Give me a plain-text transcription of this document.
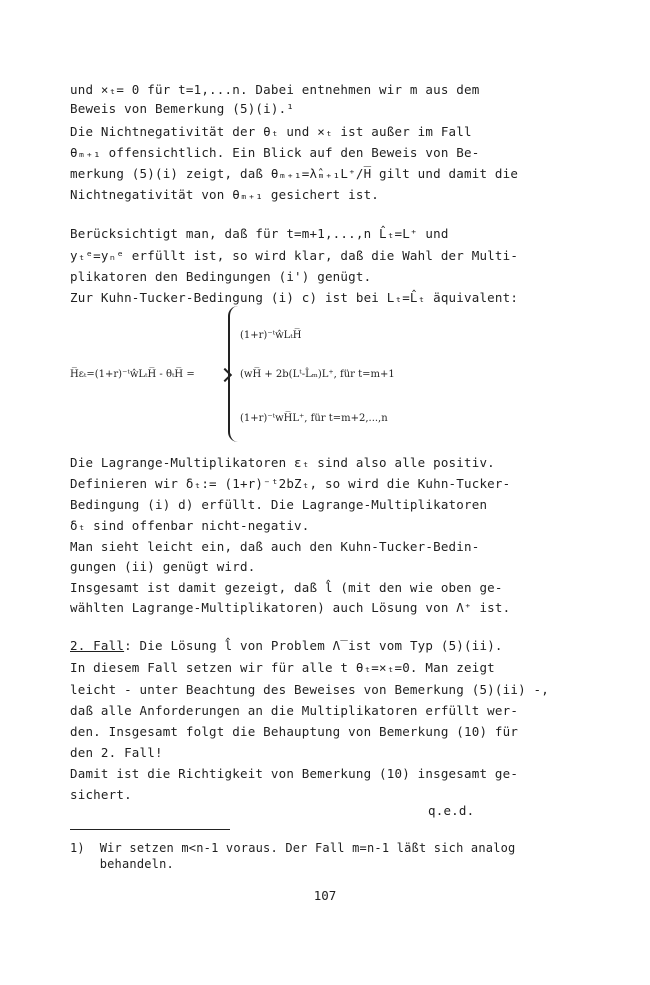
und ×ₜ= 0 für t=1,...n. Dabei entnehmen wir m aus dem
Beweis von Bemerkung (5)(i).¹
Die Nichtnegativität der θₜ und ×ₜ ist außer im Fall
θₘ₊₁ offensichtlich. Ein Blick auf den Beweis von Be-
merkung (5)(i) zeigt, daß θₘ₊₁=λ̂ₘ₊₁L⁺/H̅ gilt und damit die
Nichtnegativität von θₘ₊₁ gesichert ist.
Berücksichtigt man, daß für t=m+1,...,n L̂ₜ=L⁺ und
yₜᵉ=yₙᵉ erfüllt ist, so wird klar, daß die Wahl der Multi-
plikatoren den Bedingungen (i') genügt.
Zur Kuhn-Tucker-Bedingung (i) c) ist bei Lₜ=L̂ₜ äquivalent:
H̅εₜ=(1+r)⁻ᵗŵLₜH̅ - θₜH̅ =
(1+r)⁻ᵗŵLₜH̅
(wH̅ + 2b(Lᵗ-L̂ₘ)L⁺, für t=m+1
(1+r)⁻ᵗwH̅L⁺, für t=m+2,...,n
Die Lagrange-Multiplikatoren εₜ sind also alle positiv.
Definieren wir δₜ:= (1+r)⁻ᵗ2bZₜ, so wird die Kuhn-Tucker-
Bedingung (i) d) erfüllt. Die Lagrange-Multiplikatoren
δₜ sind offenbar nicht-negativ.
Man sieht leicht ein, daß auch den Kuhn-Tucker-Bedin-
gungen (ii) genügt wird.
Insgesamt ist damit gezeigt, daß l̂ (mit den wie oben ge-
wählten Lagrange-Multiplikatoren) auch Lösung von Λ⁺ ist.
2. Fall: Die Lösung l̂ von Problem Λ̅ ist vom Typ (5)(ii).
In diesem Fall setzen wir für alle t θₜ=×ₜ=0. Man zeigt
leicht - unter Beachtung des Beweises von Bemerkung (5)(ii) -,
daß alle Anforderungen an die Multiplikatoren erfüllt wer-
den. Insgesamt folgt die Behauptung von Bemerkung (10) für
den 2. Fall!
Damit ist die Richtigkeit von Bemerkung (10) insgesamt ge-
sichert.
q.e.d.
1)  Wir setzen m<n-1 voraus. Der Fall m=n-1 läßt sich analog
behandeln.
107
